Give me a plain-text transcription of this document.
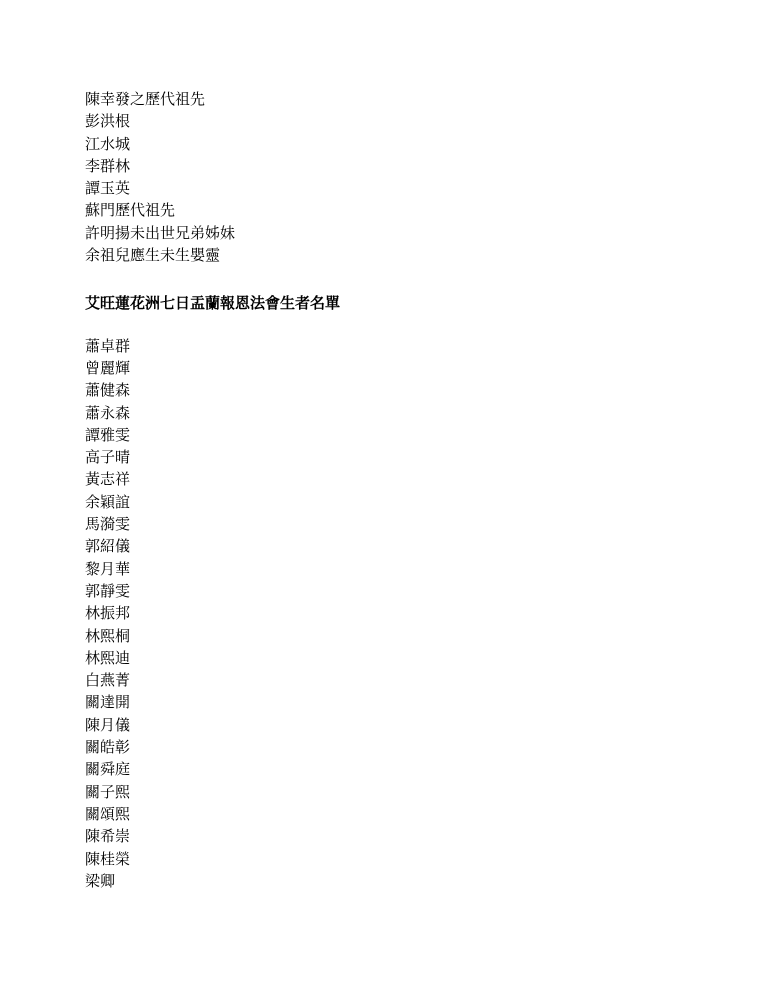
陳幸發之歷代祖先

彭洪根

江水城

李群林

譚玉英

蘇門歷代祖先

許明揚未出世兄弟姊妹

余祖兒應生未生嬰靈

艾旺蓮花洲七日盂蘭報恩法會生者名單

蕭卓群

曾麗輝

蕭健森

蕭永森

譚雅雯

高子晴

黃志祥

余穎誼

馬漪雯

郭紹儀

黎月華

郭靜雯

林振邦

林熙桐

林熙迪

白燕菁

關達開

陳月儀

關皓彰

關舜庭

關子熙

關頌熙

陳希崇

陳桂榮

梁卿
